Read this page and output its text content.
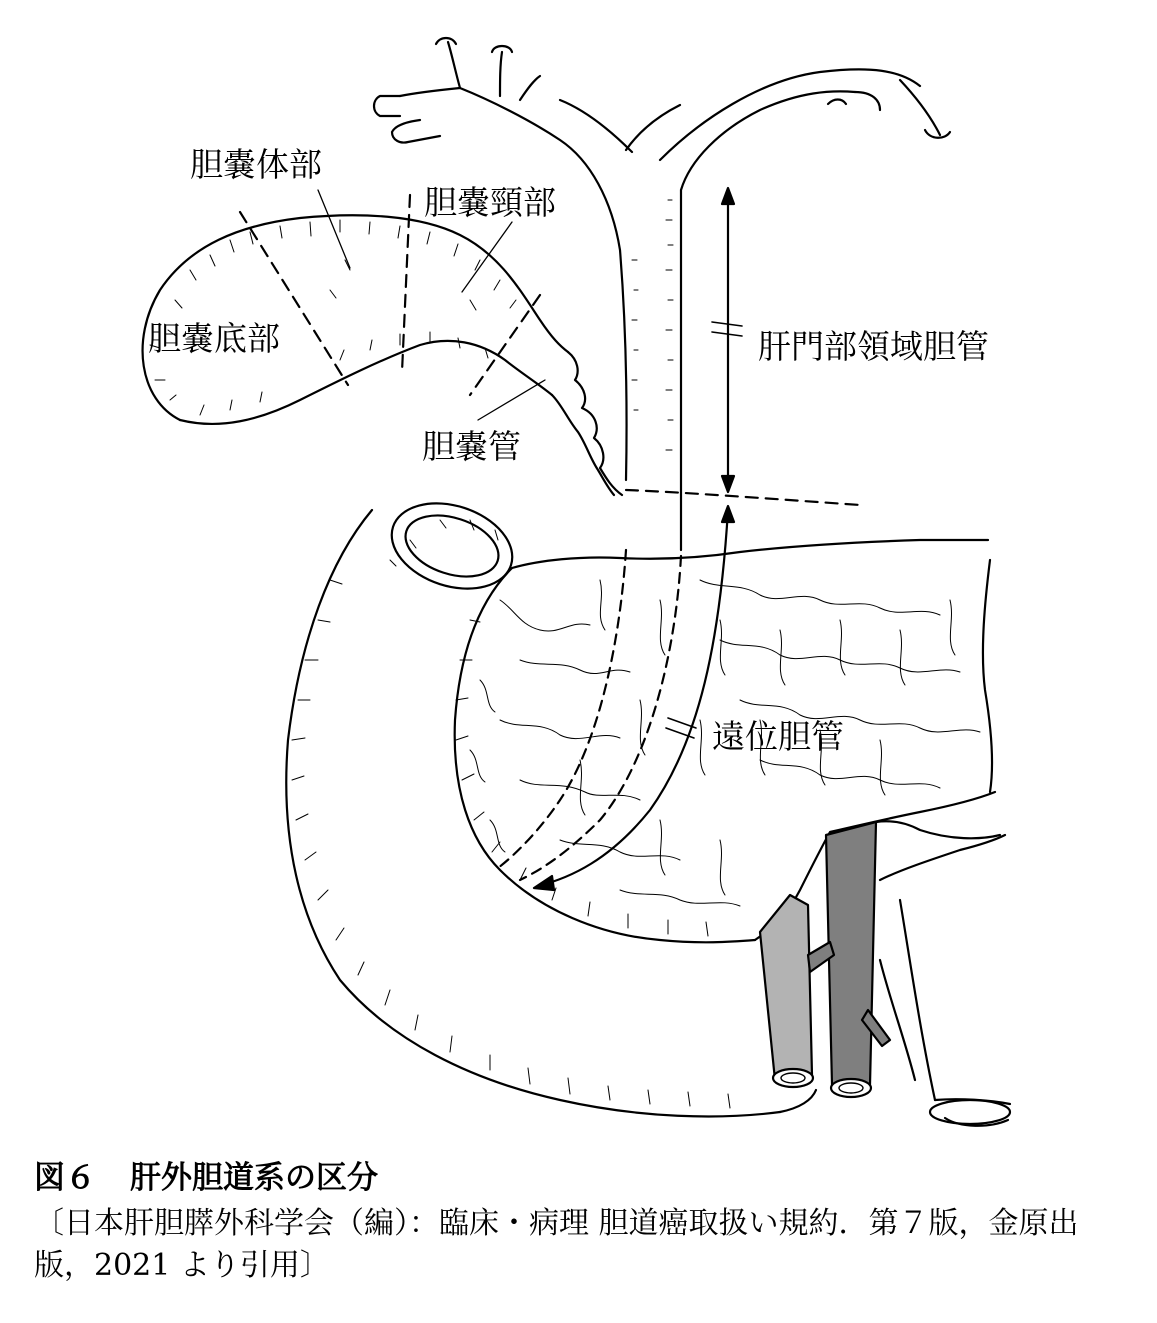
胆嚢体部
胆嚢頸部
胆嚢底部
胆嚢管
肝門部領域胆管
遠位胆管

図６ 肝外胆道系の区分

〔日本肝胆膵外科学会（編）：臨床・病理 胆道癌取扱い規約．第７版，金原出版，2021 より引用〕
